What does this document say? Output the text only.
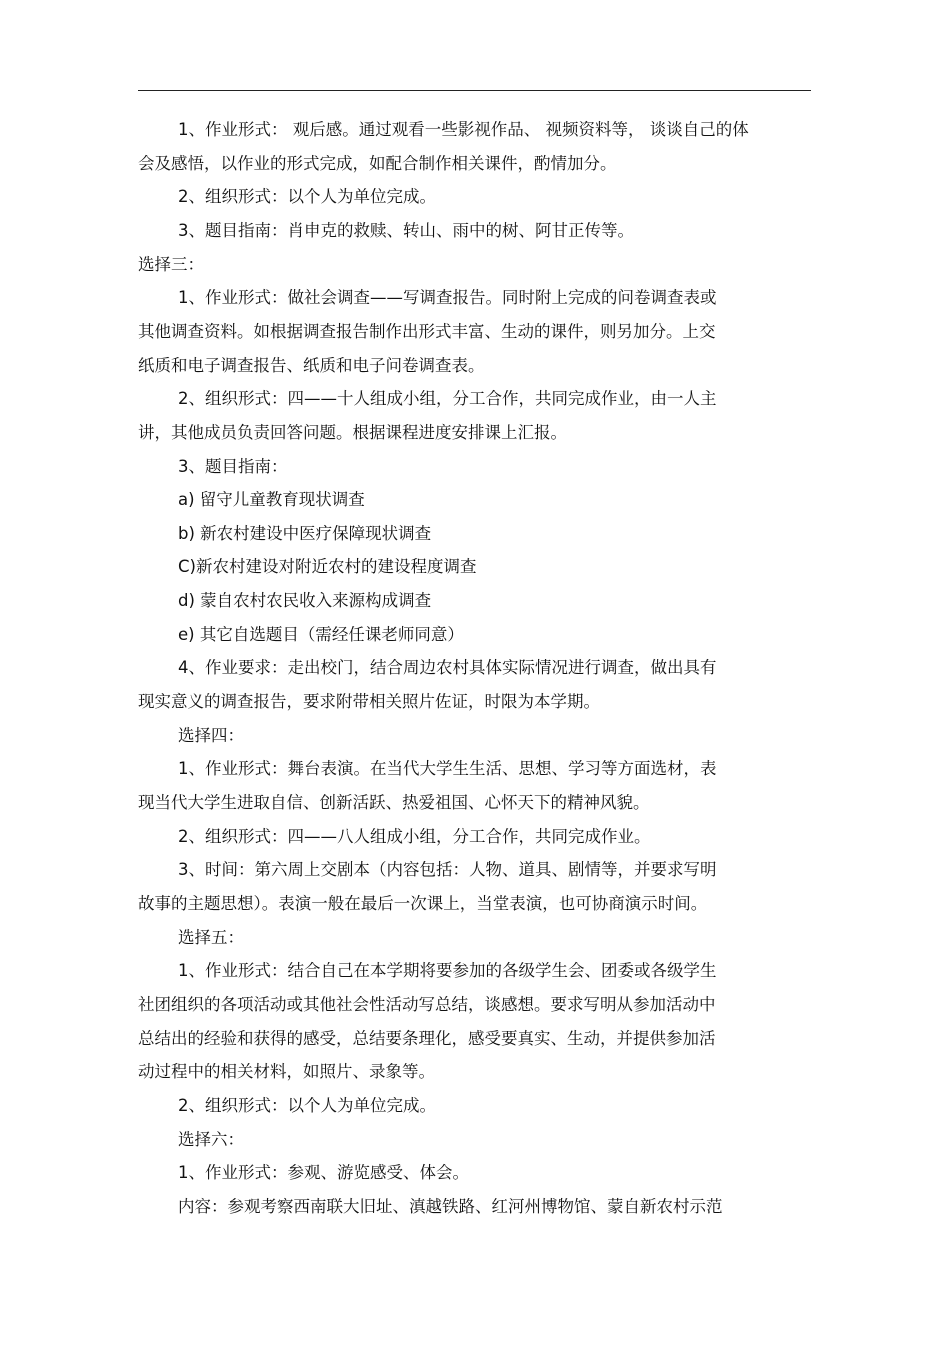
1、作业形式： 观后感。通过观看一些影视作品、 视频资料等， 谈谈自己的体
会及感悟，以作业的形式完成，如配合制作相关课件，酌情加分。
2、组织形式：以个人为单位完成。
3、题目指南：肖申克的救赎、转山、雨中的树、阿甘正传等。
选择三：
1、作业形式：做社会调查——写调查报告。同时附上完成的问卷调查表或
其他调查资料。如根据调查报告制作出形式丰富、生动的课件，则另加分。上交
纸质和电子调查报告、纸质和电子问卷调查表。
2、组织形式：四——十人组成小组，分工合作，共同完成作业，由一人主
讲，其他成员负责回答问题。根据课程进度安排课上汇报。
3、题目指南：
a) 留守儿童教育现状调查
b) 新农村建设中医疗保障现状调查
C)新农村建设对附近农村的建设程度调查
d) 蒙自农村农民收入来源构成调查
e) 其它自选题目（需经任课老师同意）
4、作业要求：走出校门，结合周边农村具体实际情况进行调查，做出具有
现实意义的调查报告，要求附带相关照片佐证，时限为本学期。
选择四：
1、作业形式：舞台表演。在当代大学生生活、思想、学习等方面选材，表
现当代大学生进取自信、创新活跃、热爱祖国、心怀天下的精神风貌。
2、组织形式：四——八人组成小组，分工合作，共同完成作业。
3、时间：第六周上交剧本（内容包括：人物、道具、剧情等，并要求写明
故事的主题思想）。表演一般在最后一次课上，当堂表演，也可协商演示时间。
选择五：
1、作业形式：结合自己在本学期将要参加的各级学生会、团委或各级学生
社团组织的各项活动或其他社会性活动写总结，谈感想。要求写明从参加活动中
总结出的经验和获得的感受，总结要条理化，感受要真实、生动，并提供参加活
动过程中的相关材料，如照片、录象等。
2、组织形式：以个人为单位完成。
选择六：
1、作业形式：参观、游览感受、体会。
内容：参观考察西南联大旧址、滇越铁路、红河州博物馆、蒙自新农村示范
